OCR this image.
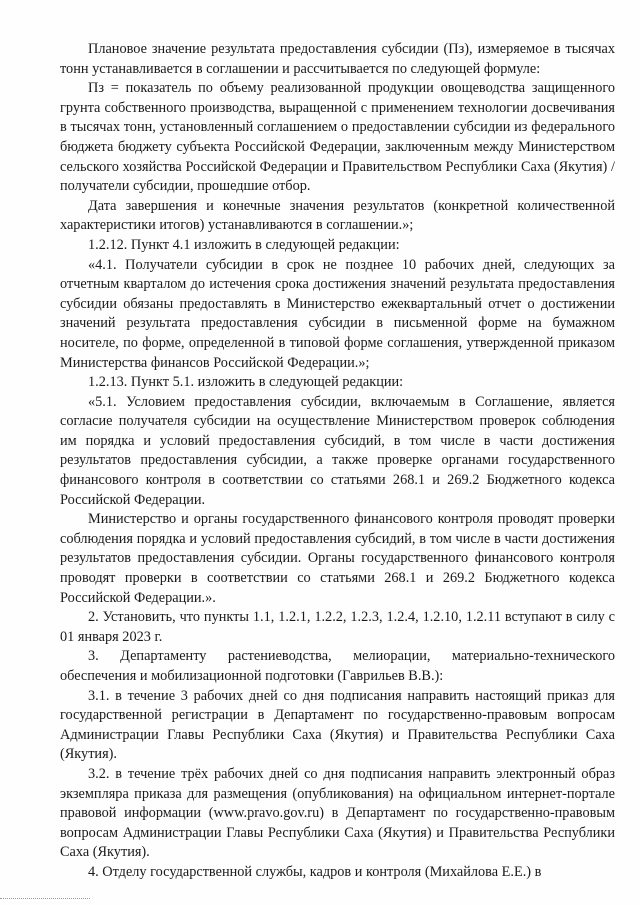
Плановое значение результата предоставления субсидии (Пз), измеряемое в тысячах тонн устанавливается в соглашении и рассчитывается по следующей формуле:

Пз = показатель по объему реализованной продукции овощеводства защищенного грунта собственного производства, выращенной с применением технологии досвечивания в тысячах тонн, установленный соглашением о предоставлении субсидии из федерального бюджета бюджету субъекта Российской Федерации, заключенным между Министерством сельского хозяйства Российской Федерации и Правительством Республики Саха (Якутия) / получатели субсидии, прошедшие отбор.

Дата завершения и конечные значения результатов (конкретной количественной характеристики итогов) устанавливаются в соглашении.»;

1.2.12. Пункт 4.1 изложить в следующей редакции:

«4.1. Получатели субсидии в срок не позднее 10 рабочих дней, следующих за отчетным кварталом до истечения срока достижения значений результата предоставления субсидии обязаны предоставлять в Министерство ежеквартальный отчет о достижении значений результата предоставления субсидии в письменной форме на бумажном носителе, по форме, определенной в типовой форме соглашения, утвержденной приказом Министерства финансов Российской Федерации.»;

1.2.13. Пункт 5.1. изложить в следующей редакции:

«5.1. Условием предоставления субсидии, включаемым в Соглашение, является согласие получателя субсидии на осуществление Министерством проверок соблюдения им порядка и условий предоставления субсидий, в том числе в части достижения результатов предоставления субсидии, а также проверке органами государственного финансового контроля в соответствии со статьями 268.1 и 269.2 Бюджетного кодекса Российской Федерации.

Министерство и органы государственного финансового контроля проводят проверки соблюдения порядка и условий предоставления субсидий, в том числе в части достижения результатов предоставления субсидии. Органы государственного финансового контроля проводят проверки в соответствии со статьями 268.1 и 269.2 Бюджетного кодекса Российской Федерации.».

2. Установить, что пункты 1.1, 1.2.1, 1.2.2, 1.2.3, 1.2.4, 1.2.10, 1.2.11 вступают в силу с 01 января 2023 г.

3. Департаменту растениеводства, мелиорации, материально-технического обеспечения и мобилизационной подготовки (Гаврильев В.В.):

3.1. в течение 3 рабочих дней со дня подписания направить настоящий приказ для государственной регистрации в Департамент по государственно-правовым вопросам Администрации Главы Республики Саха (Якутия) и Правительства Республики Саха (Якутия).

3.2. в течение трёх рабочих дней со дня подписания направить электронный образ экземпляра приказа для размещения (опубликования) на официальном интернет-портале правовой информации (www.pravo.gov.ru) в Департамент по государственно-правовым вопросам Администрации Главы Республики Саха (Якутия) и Правительства Республики Саха (Якутия).

4. Отделу государственной службы, кадров и контроля (Михайлова Е.Е.) в
